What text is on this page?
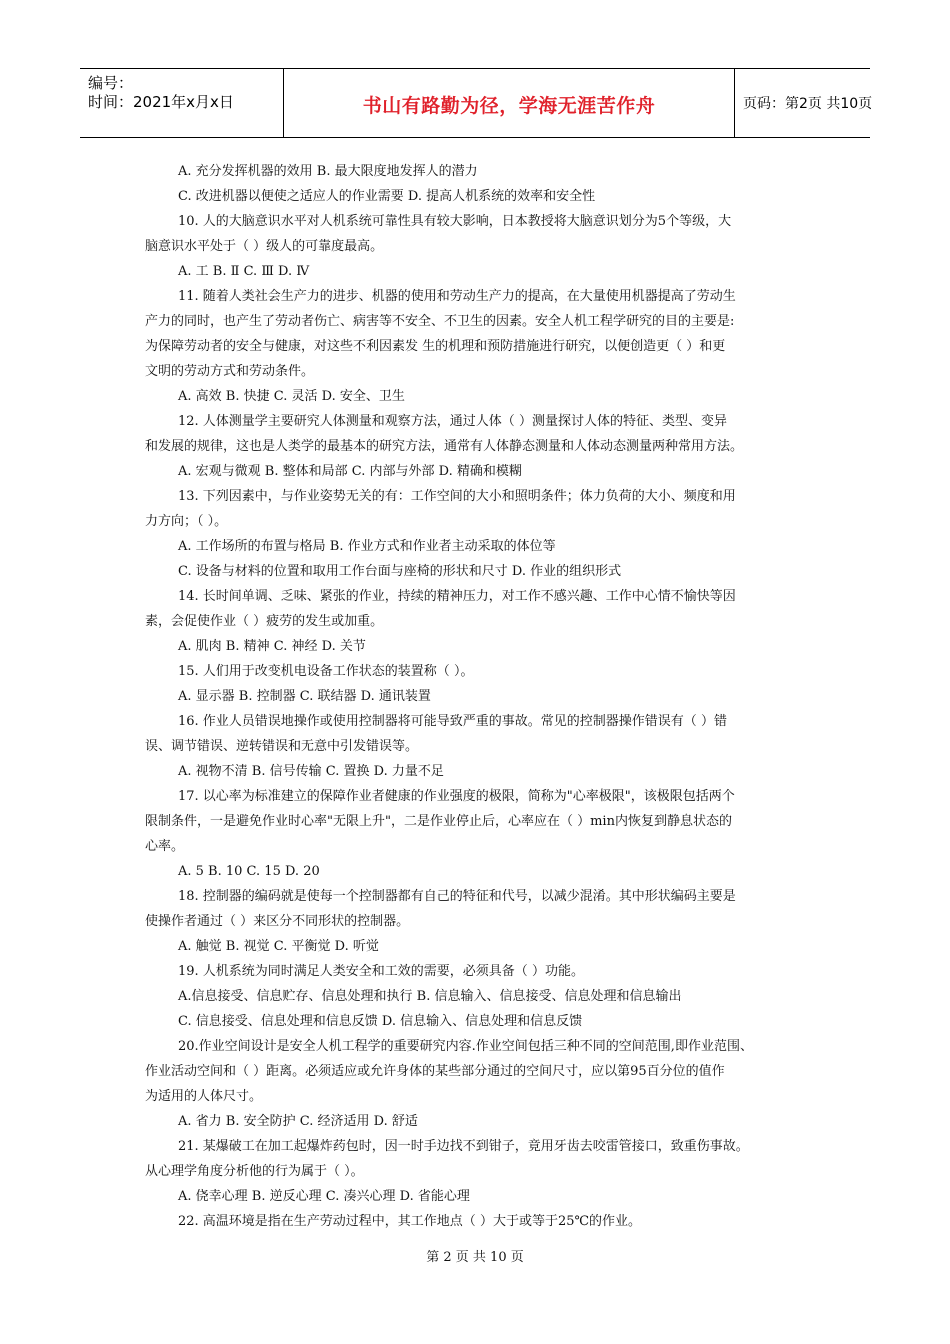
编号：
时间：2021年x月x日	书山有路勤为径，学海无涯苦作舟	页码：第2页 共10页
A. 充分发挥机器的效用 B. 最大限度地发挥人的潜力
C. 改进机器以便使之适应人的作业需要 D. 提高人机系统的效率和安全性
10. 人的大脑意识水平对人机系统可靠性具有较大影响，日本教授将大脑意识划分为5个等级，大
脑意识水平处于（ ）级人的可靠度最高。
A. 工 B. Ⅱ C. Ⅲ D. Ⅳ
11. 随着人类社会生产力的进步、机器的使用和劳动生产力的提高，在大量使用机器提高了劳动生
产力的同时，也产生了劳动者伤亡、病害等不安全、不卫生的因素。安全人机工程学研究的目的主要是:
为保障劳动者的安全与健康，对这些不利因素发 生的机理和预防措施进行研究，以便创造更（ ）和更
文明的劳动方式和劳动条件。
A. 高效 B. 快捷 C. 灵活 D. 安全、卫生
12. 人体测量学主要研究人体测量和观察方法，通过人体（ ）测量探讨人体的特征、类型、变异
和发展的规律，这也是人类学的最基本的研究方法，通常有人体静态测量和人体动态测量两种常用方法。
A. 宏观与微观 B. 整体和局部 C. 内部与外部 D. 精确和模糊
13. 下列因素中，与作业姿势无关的有：工作空间的大小和照明条件；体力负荷的大小、频度和用
力方向；（ ）。
A. 工作场所的布置与格局 B. 作业方式和作业者主动采取的体位等
C. 设备与材料的位置和取用工作台面与座椅的形状和尺寸 D. 作业的组织形式
14. 长时间单调、乏味、紧张的作业，持续的精神压力，对工作不感兴趣、工作中心情不愉快等因
素，会促使作业（ ）疲劳的发生或加重。
A. 肌肉 B. 精神 C. 神经 D. 关节
15. 人们用于改变机电设备工作状态的装置称（ ）。
A. 显示器 B. 控制器 C. 联结器 D. 通讯装置
16. 作业人员错误地操作或使用控制器将可能导致严重的事故。常见的控制器操作错误有（ ）错
误、调节错误、逆转错误和无意中引发错误等。
A. 视物不清 B. 信号传输 C. 置换 D. 力量不足
17. 以心率为标准建立的保障作业者健康的作业强度的极限，简称为"心率极限"，该极限包括两个
限制条件，一是避免作业时心率"无限上升"，二是作业停止后，心率应在（ ）min内恢复到静息状态的
心率。
A. 5 B. 10 C. 15 D. 20
18. 控制器的编码就是使每一个控制器都有自己的特征和代号，以减少混淆。其中形状编码主要是
使操作者通过（ ）来区分不同形状的控制器。
A. 触觉 B. 视觉 C. 平衡觉 D. 听觉
19. 人机系统为同时满足人类安全和工效的需要，必须具备（ ）功能。
A.信息接受、信息贮存、信息处理和执行 B. 信息输入、信息接受、信息处理和信息输出
C. 信息接受、信息处理和信息反馈 D. 信息输入、信息处理和信息反馈
20.作业空间设计是安全人机工程学的重要研究内容.作业空间包括三种不同的空间范围,即作业范围、
作业活动空间和（ ）距离。必须适应或允许身体的某些部分通过的空间尺寸，应以第95百分位的值作
为适用的人体尺寸。
A. 省力 B. 安全防护 C. 经济适用 D. 舒适
21. 某爆破工在加工起爆炸药包时，因一时手边找不到钳子，竟用牙齿去咬雷管接口，致重伤事故。
从心理学角度分析他的行为属于（ ）。
A. 侥幸心理 B. 逆反心理 C. 凑兴心理 D. 省能心理
22. 高温环境是指在生产劳动过程中，其工作地点（ ）大于或等于25℃的作业。
第 2 页 共 10 页
